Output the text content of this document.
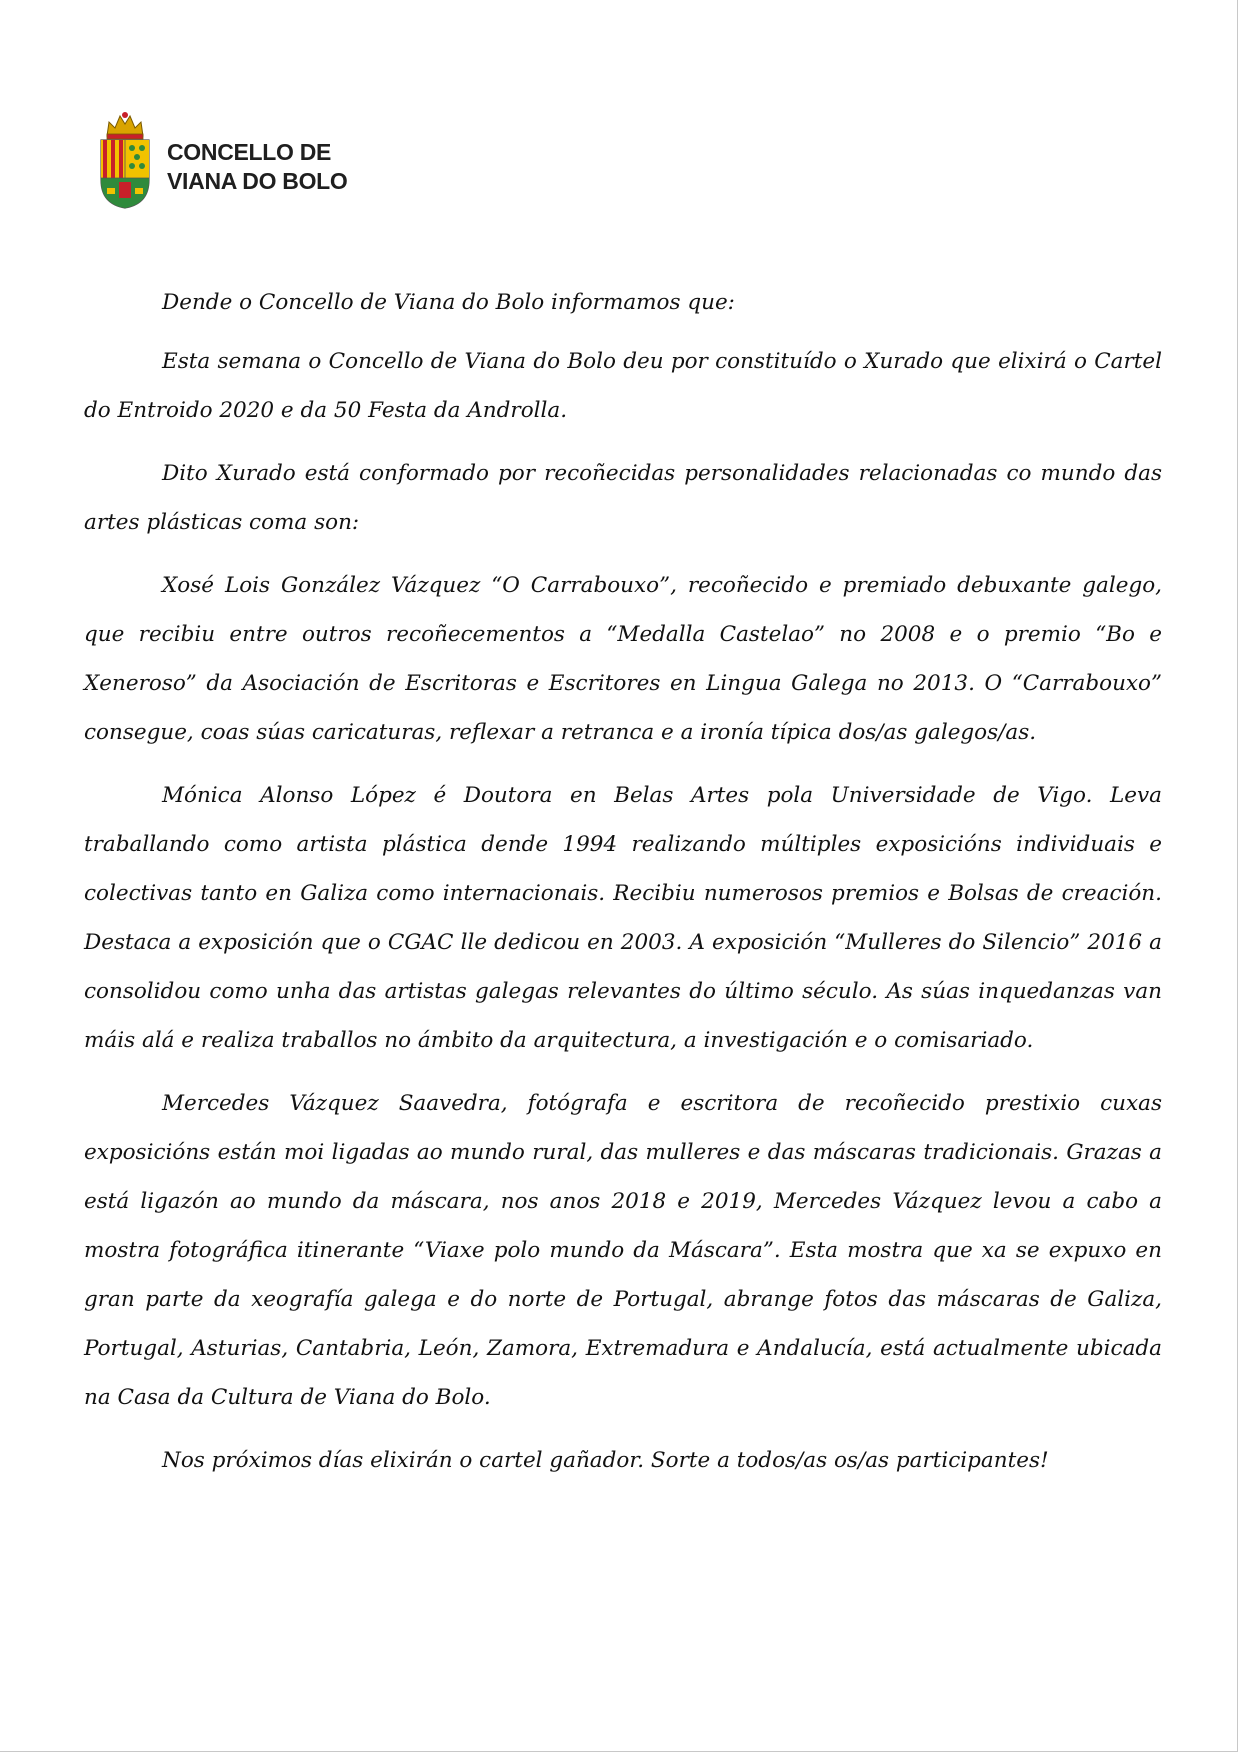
CONCELLO DE
VIANA DO BOLO

Dende o Concello de Viana do Bolo informamos que:

Esta semana o Concello de Viana do Bolo deu por constituído o Xurado que elixirá o Cartel do Entroido 2020 e da 50 Festa da Androlla.

Dito Xurado está conformado por recoñecidas personalidades relacionadas co mundo das artes plásticas coma son:

Xosé Lois González Vázquez “O Carrabouxo”, recoñecido e premiado debuxante galego, que recibiu entre outros recoñecementos a “Medalla Castelao” no 2008 e o premio “Bo e Xeneroso” da Asociación de Escritoras e Escritores en Lingua Galega no 2013. O “Carrabouxo” consegue, coas súas caricaturas, reflexar a retranca e a ironía típica dos/as galegos/as.

Mónica Alonso López é Doutora en Belas Artes pola Universidade de Vigo. Leva traballando como artista plástica dende 1994 realizando múltiples exposicións individuais e colectivas tanto en Galiza como internacionais. Recibiu numerosos premios e Bolsas de creación. Destaca a exposición que o CGAC lle dedicou en 2003. A exposición “Mulleres do Silencio” 2016 a consolidou como unha das artistas galegas relevantes do último século. As súas inquedanzas van máis alá e realiza traballos no ámbito da arquitectura, a investigación e o comisariado.

Mercedes Vázquez Saavedra, fotógrafa e escritora de recoñecido prestixio cuxas exposicións están moi ligadas ao mundo rural, das mulleres e das máscaras tradicionais. Grazas a está ligazón ao mundo da máscara, nos anos 2018 e 2019, Mercedes Vázquez levou a cabo a mostra fotográfica itinerante “Viaxe polo mundo da Máscara”. Esta mostra que xa se expuxo en gran parte da xeografía galega e do norte de Portugal, abrange fotos das máscaras de Galiza, Portugal, Asturias, Cantabria, León, Zamora, Extremadura e Andalucía, está actualmente ubicada na Casa da Cultura de Viana do Bolo.

Nos próximos días elixirán o cartel gañador. Sorte a todos/as os/as participantes!
